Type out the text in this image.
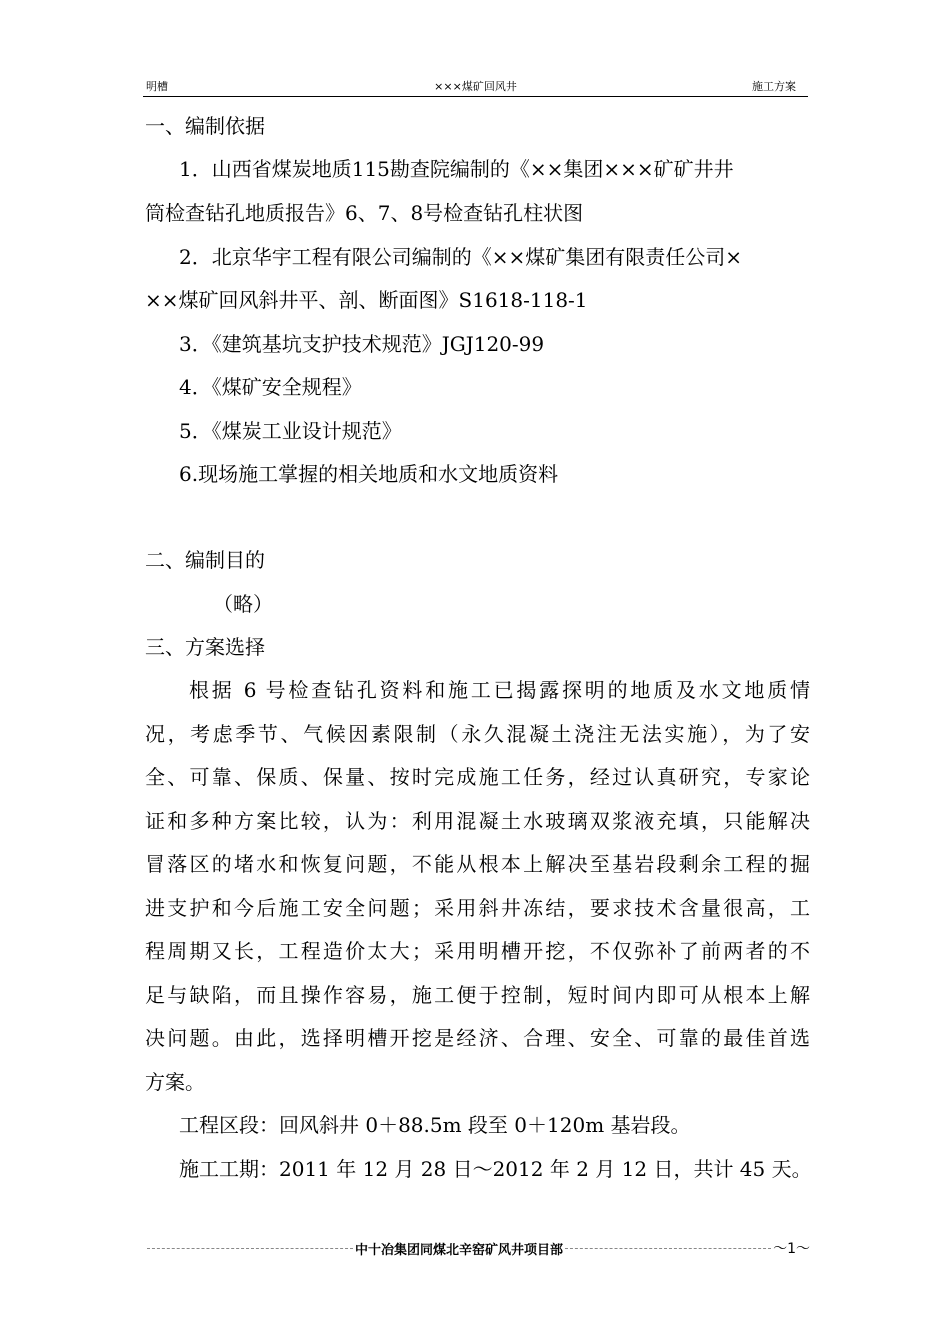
明槽	×××煤矿回风井	施工方案
一、编制依据
1．山西省煤炭地质115勘查院编制的《××集团×××矿矿井井
筒检查钻孔地质报告》6、7、8号检查钻孔柱状图
2．北京华宇工程有限公司编制的《××煤矿集团有限责任公司×
××煤矿回风斜井平、剖、断面图》S1618-118-1
3．《建筑基坑支护技术规范》JGJ120-99
4．《煤矿安全规程》
5．《煤炭工业设计规范》
6.现场施工掌握的相关地质和水文地质资料
二、编制目的
（略）
三、方案选择
根据 6 号检查钻孔资料和施工已揭露探明的地质及水文地质情
况，考虑季节、气候因素限制（永久混凝土浇注无法实施），为了安
全、可靠、保质、保量、按时完成施工任务，经过认真研究，专家论
证和多种方案比较，认为：利用混凝土水玻璃双浆液充填，只能解决
冒落区的堵水和恢复问题，不能从根本上解决至基岩段剩余工程的掘
进支护和今后施工安全问题；采用斜井冻结，要求技术含量很高，工
程周期又长，工程造价太大；采用明槽开挖，不仅弥补了前两者的不
足与缺陷，而且操作容易，施工便于控制，短时间内即可从根本上解
决问题。由此，选择明槽开挖是经济、合理、安全、可靠的最佳首选
方案。
工程区段：回风斜井 0＋88.5m 段至 0＋120m 基岩段。
施工工期：2011 年 12 月 28 日～2012 年 2 月 12 日，共计 45 天。
中十冶集团同煤北辛窑矿风井项目部	～1～
